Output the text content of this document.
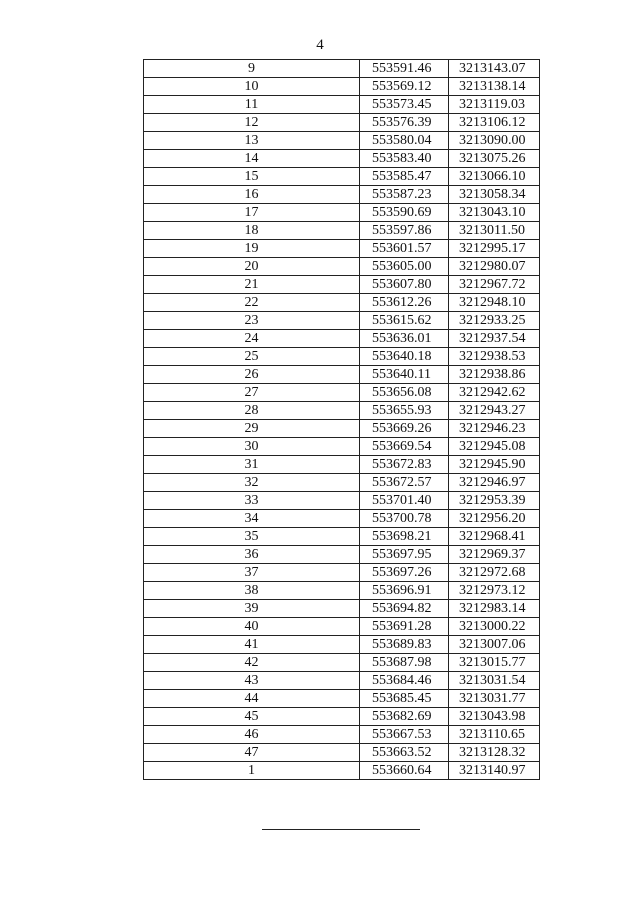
4
9	553591.46	3213143.07
10	553569.12	3213138.14
11	553573.45	3213119.03
12	553576.39	3213106.12
13	553580.04	3213090.00
14	553583.40	3213075.26
15	553585.47	3213066.10
16	553587.23	3213058.34
17	553590.69	3213043.10
18	553597.86	3213011.50
19	553601.57	3212995.17
20	553605.00	3212980.07
21	553607.80	3212967.72
22	553612.26	3212948.10
23	553615.62	3212933.25
24	553636.01	3212937.54
25	553640.18	3212938.53
26	553640.11	3212938.86
27	553656.08	3212942.62
28	553655.93	3212943.27
29	553669.26	3212946.23
30	553669.54	3212945.08
31	553672.83	3212945.90
32	553672.57	3212946.97
33	553701.40	3212953.39
34	553700.78	3212956.20
35	553698.21	3212968.41
36	553697.95	3212969.37
37	553697.26	3212972.68
38	553696.91	3212973.12
39	553694.82	3212983.14
40	553691.28	3213000.22
41	553689.83	3213007.06
42	553687.98	3213015.77
43	553684.46	3213031.54
44	553685.45	3213031.77
45	553682.69	3213043.98
46	553667.53	3213110.65
47	553663.52	3213128.32
1	553660.64	3213140.97
